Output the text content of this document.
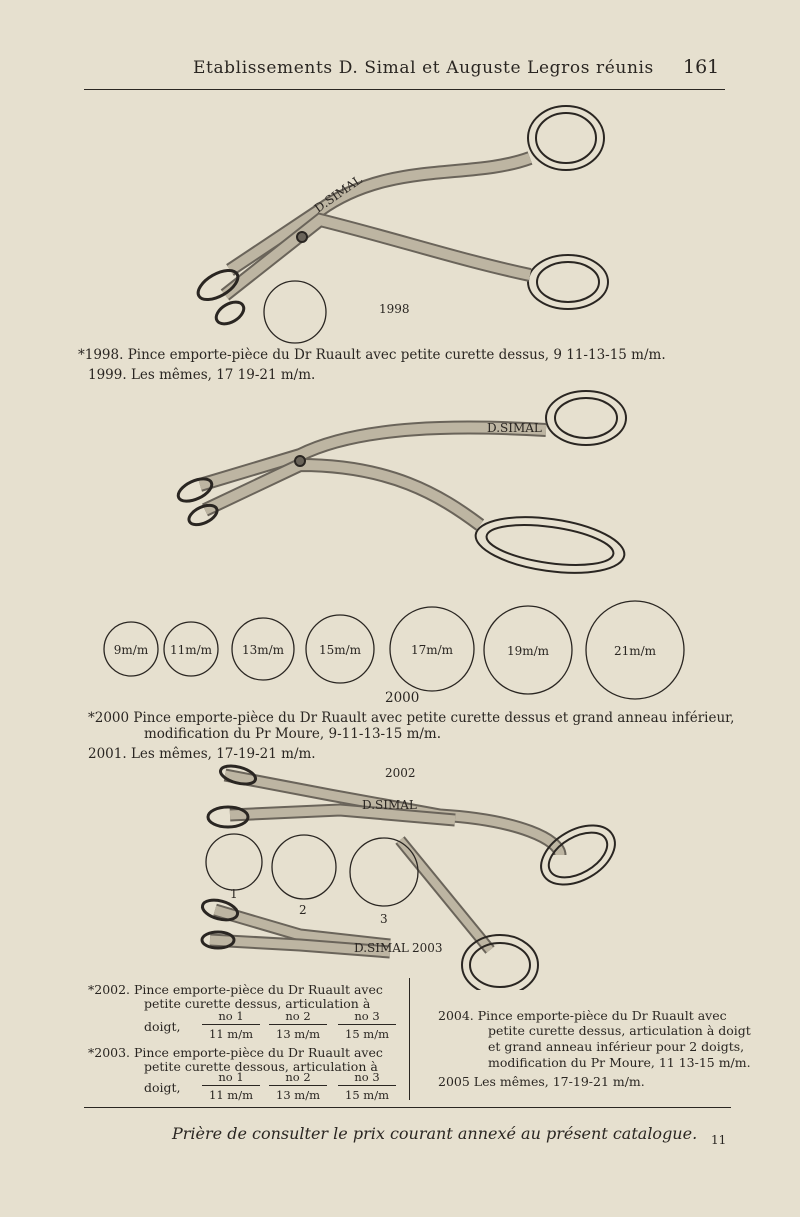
Etablissements D. Simal et Auguste Legros réunis 161
D.SIMAL
1998
*1998. Pince emporte-pièce du Dr Ruault avec petite curette dessus, 9 11-13-15 m/m.
1999. Les mêmes, 17 19-21 m/m.
D.SIMAL
9m/m 11m/m 13m/m	15m/m	17m/m	19m/m	21m/m
2000
*2000 Pince emporte-pièce du Dr Ruault avec petite curette dessus et grand anneau inférieur,
modification du Pr Moure, 9-11-13-15 m/m.
2001. Les mêmes, 17-19-21 m/m.
2002
D.SIMAL
D.SIMAL 2003
1
2
3
*2002. Pince emporte-pièce du Dr Ruault avec
petite curette dessus, articulation à
doigt, $\frac{no 1}{11 m/m} \frac{no 2}{13 m/m} \frac{no 3}{15 m/m}$
*2003. Pince emporte-pièce du Dr Ruault avec
petite curette dessous, articulation à
doigt, $\frac{no 1}{11 m/m} \frac{no 2}{13 m/m} \frac{no 3}{15 m/m}$
2004. Pince emporte-pièce du Dr Ruault avec
petite curette dessus, articulation à doigt
et grand anneau inférieur pour 2 doigts,
modification du Pr Moure, 11 13-15 m/m.
2005 Les mêmes, 17-19-21 m/m.
Prière de consulter le prix courant annexé au présent catalogue. 11
